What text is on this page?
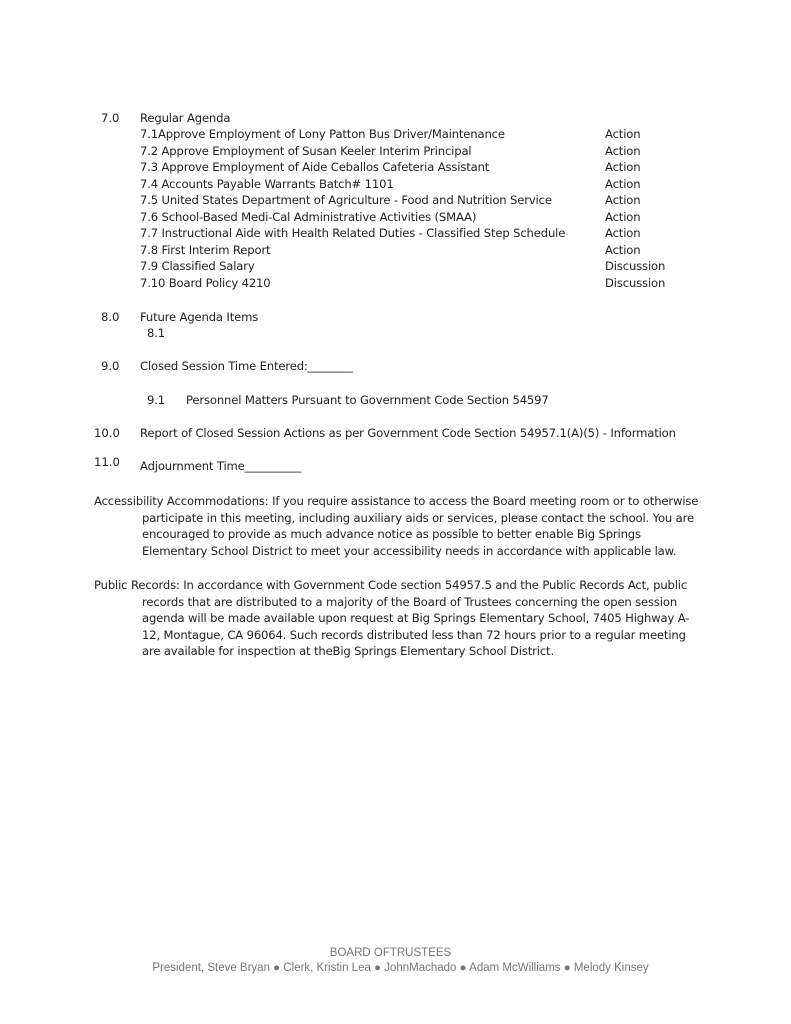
7.0 Regular Agenda
7.1Approve Employment of Lony Patton Bus Driver/Maintenance	Action
7.2 Approve Employment of Susan Keeler Interim Principal	Action
7.3 Approve Employment of Aide Ceballos Cafeteria Assistant	Action
7.4 Accounts Payable Warrants Batch# 1101	Action
7.5 United States Department of Agriculture - Food and Nutrition Service	Action
7.6 School-Based Medi-Cal Administrative Activities (SMAA)	Action
7.7 Instructional Aide with Health Related Duties - Classified Step Schedule	Action
7.8 First Interim Report	Action
7.9 Classified Salary	Discussion
7.10 Board Policy 4210	Discussion
8.0 Future Agenda Items
8.1
9.0 Closed Session Time Entered:________
9.1 Personnel Matters Pursuant to Government Code Section 54597
10.0 Report of Closed Session Actions as per Government Code Section 54957.1(A)(5) - Information
11.0 Adjournment Time__________
Accessibility Accommodations: If you require assistance to access the Board meeting room or to otherwise
participate in this meeting, including auxiliary aids or services, please contact the school. You are encouraged to provide as much advance notice as possible to better enable Big Springs Elementary School District to meet your accessibility needs in accordance with applicable law.
Public Records: In accordance with Government Code section 54957.5 and the Public Records Act, public
records that are distributed to a majority of the Board of Trustees concerning the open session agenda will be made available upon request at Big Springs Elementary School, 7405 Highway A-12, Montague, CA 96064. Such records distributed less than 72 hours prior to a regular meeting are available for inspection at theBig Springs Elementary School District.
BOARD OFTRUSTEES
President, Steve Bryan ● Clerk, Kristin Lea ● JohnMachado ● Adam McWilliams ● Melody Kinsey
